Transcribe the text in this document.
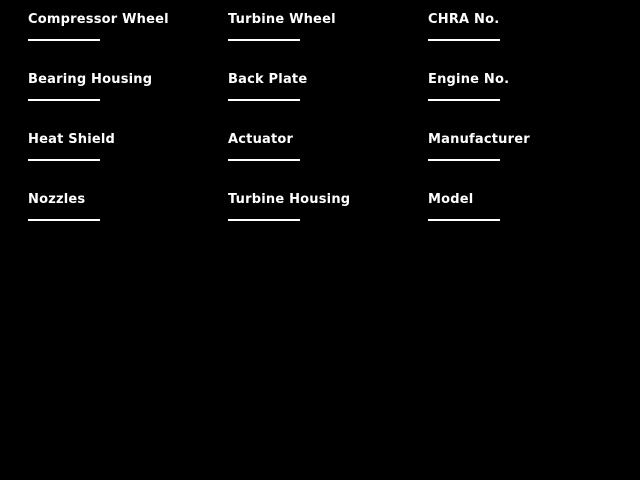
Compressor Wheel	Turbine Wheel	CHRA No.
Bearing Housing	Back Plate	Engine No.
Heat Shield	Actuator	Manufacturer
Nozzles	Turbine Housing	Model
